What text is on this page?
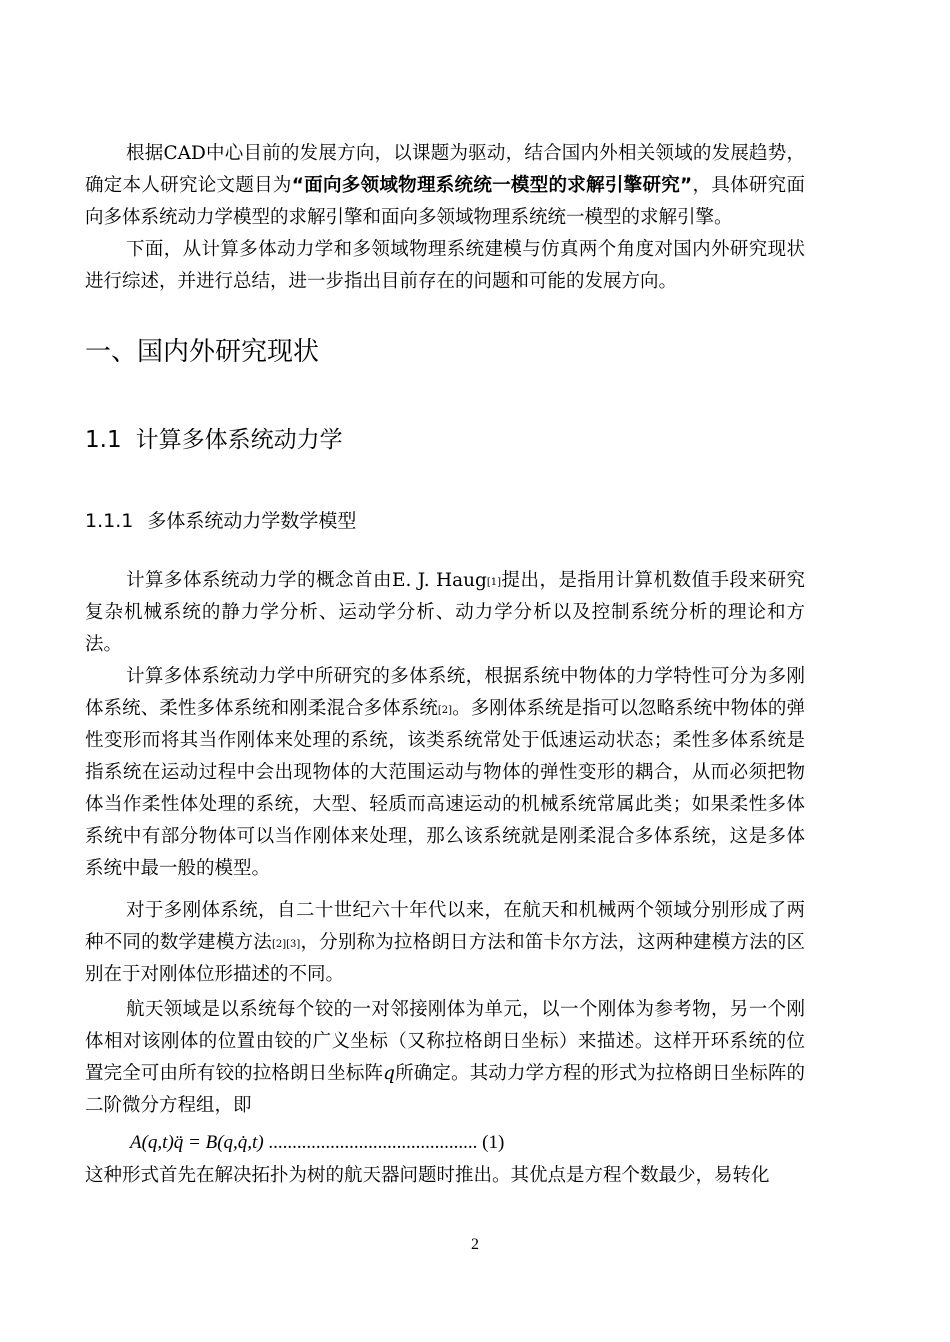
根据CAD中心目前的发展方向，以课题为驱动，结合国内外相关领域的发展趋势，确定本人研究论文题目为“面向多领域物理系统统一模型的求解引擎研究”，具体研究面向多体系统动力学模型的求解引擎和面向多领域物理系统统一模型的求解引擎。

下面，从计算多体动力学和多领域物理系统建模与仿真两个角度对国内外研究现状进行综述，并进行总结，进一步指出目前存在的问题和可能的发展方向。

一、国内外研究现状
1.1 计算多体系统动力学
1.1.1 多体系统动力学数学模型

计算多体系统动力学的概念首由E. J. Haug[1]提出，是指用计算机数值手段来研究复杂机械系统的静力学分析、运动学分析、动力学分析以及控制系统分析的理论和方法。

计算多体系统动力学中所研究的多体系统，根据系统中物体的力学特性可分为多刚体系统、柔性多体系统和刚柔混合多体系统[2]。多刚体系统是指可以忽略系统中物体的弹性变形而将其当作刚体来处理的系统，该类系统常处于低速运动状态；柔性多体系统是指系统在运动过程中会出现物体的大范围运动与物体的弹性变形的耦合，从而必须把物体当作柔性体处理的系统，大型、轻质而高速运动的机械系统常属此类；如果柔性多体系统中有部分物体可以当作刚体来处理，那么该系统就是刚柔混合多体系统，这是多体系统中最一般的模型。

对于多刚体系统，自二十世纪六十年代以来，在航天和机械两个领域分别形成了两种不同的数学建模方法[2][3]，分别称为拉格朗日方法和笛卡尔方法，这两种建模方法的区别在于对刚体位形描述的不同。

航天领域是以系统每个铰的一对邻接刚体为单元，以一个刚体为参考物，另一个刚体相对该刚体的位置由铰的广义坐标（又称拉格朗日坐标）来描述。这样开环系统的位置完全可由所有铰的拉格朗日坐标阵q所确定。其动力学方程的形式为拉格朗日坐标阵的二阶微分方程组，即

A(q,t)q̈ = B(q,q̇,t) ............................................ (1)

这种形式首先在解决拓扑为树的航天器问题时推出。其优点是方程个数最少，易转化

2
